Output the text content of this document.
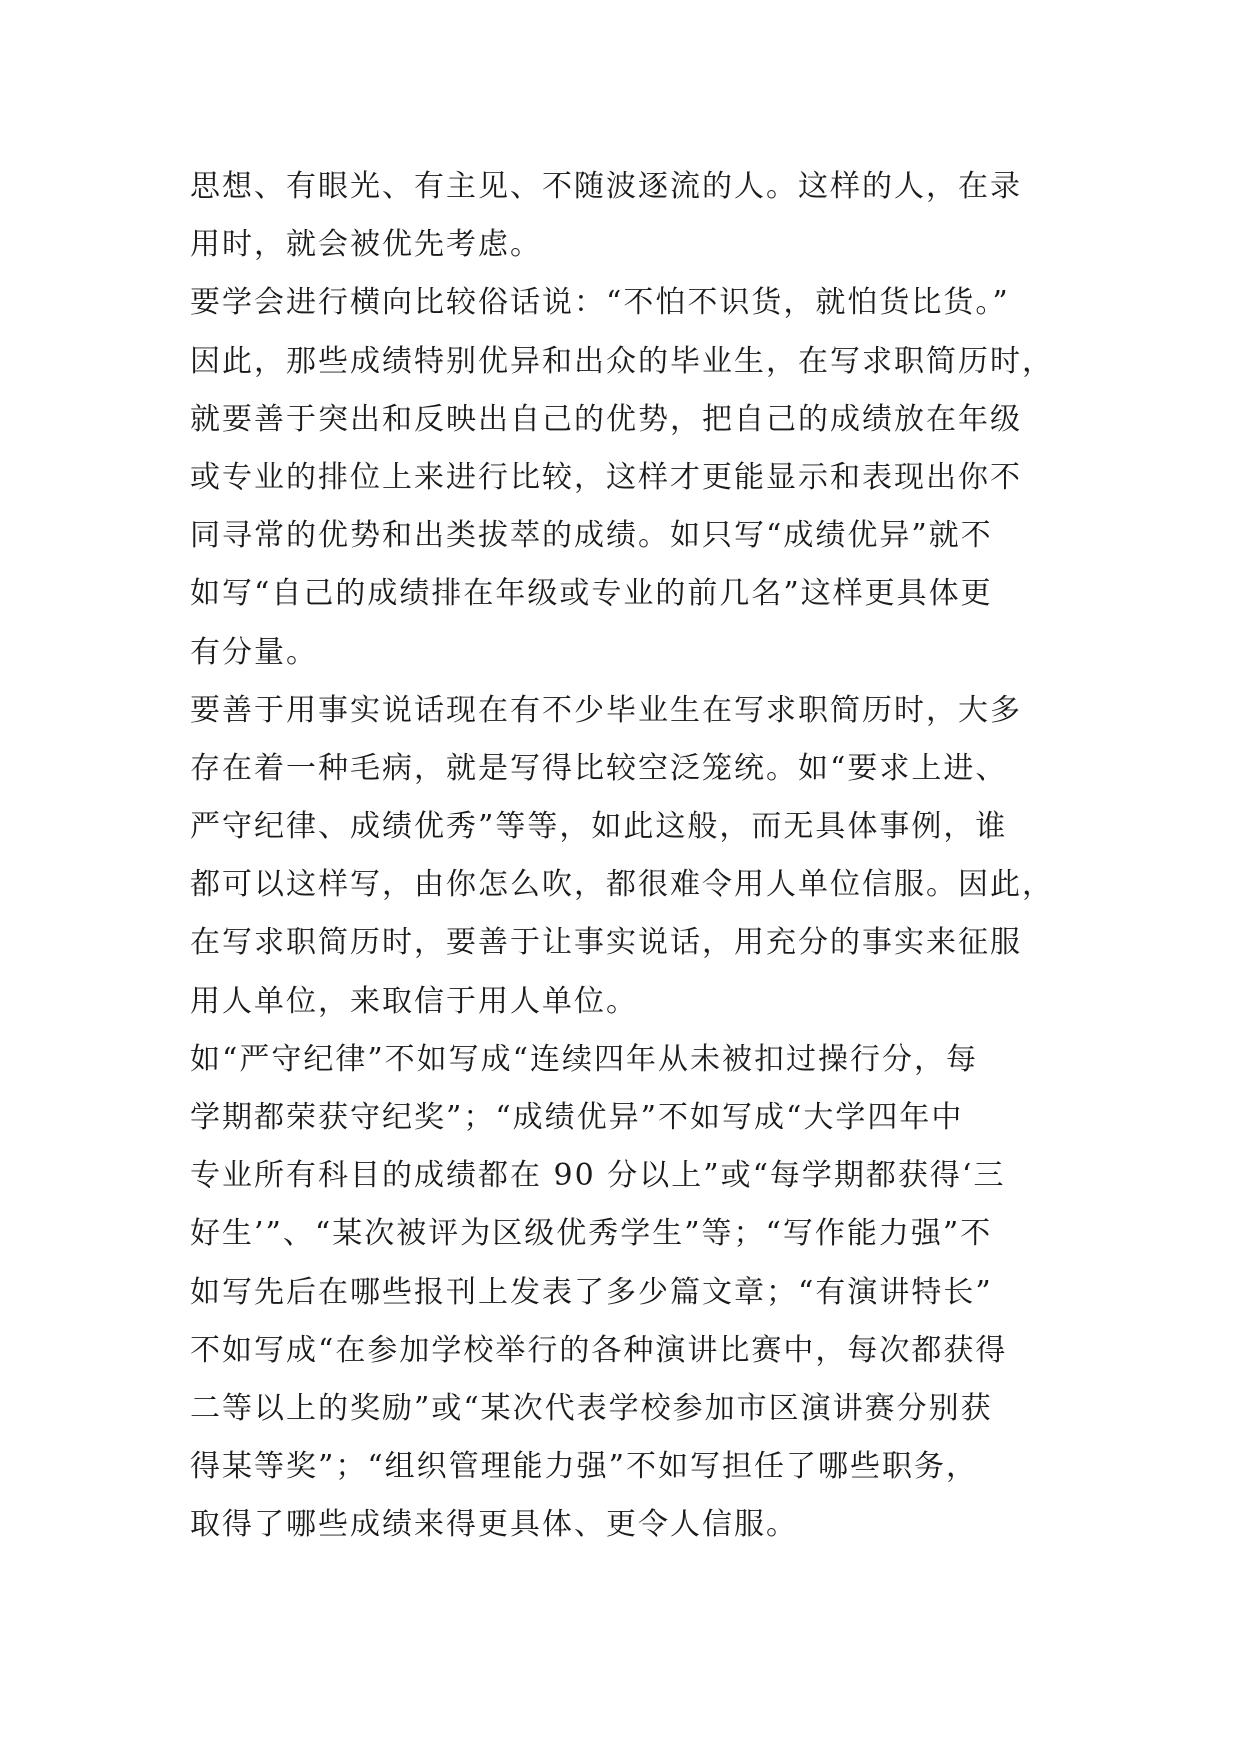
思想、有眼光、有主见、不随波逐流的人。这样的人，在录
用时，就会被优先考虑。
要学会进行横向比较俗话说：“不怕不识货，就怕货比货。”
因此，那些成绩特别优异和出众的毕业生，在写求职简历时，
就要善于突出和反映出自己的优势，把自己的成绩放在年级
或专业的排位上来进行比较，这样才更能显示和表现出你不
同寻常的优势和出类拔萃的成绩。如只写“成绩优异”就不
如写“自己的成绩排在年级或专业的前几名”这样更具体更
有分量。
要善于用事实说话现在有不少毕业生在写求职简历时，大多
存在着一种毛病，就是写得比较空泛笼统。如“要求上进、
严守纪律、成绩优秀”等等，如此这般，而无具体事例，谁
都可以这样写，由你怎么吹，都很难令用人单位信服。因此，
在写求职简历时，要善于让事实说话，用充分的事实来征服
用人单位，来取信于用人单位。
如“严守纪律”不如写成“连续四年从未被扣过操行分，每
学期都荣获守纪奖”；“成绩优异”不如写成“大学四年中
专业所有科目的成绩都在 90 分以上”或“每学期都获得‘三
好生’”、“某次被评为区级优秀学生”等；“写作能力强”不
如写先后在哪些报刊上发表了多少篇文章；“有演讲特长”
不如写成“在参加学校举行的各种演讲比赛中，每次都获得
二等以上的奖励”或“某次代表学校参加市区演讲赛分别获
得某等奖”；“组织管理能力强”不如写担任了哪些职务，
取得了哪些成绩来得更具体、更令人信服。
